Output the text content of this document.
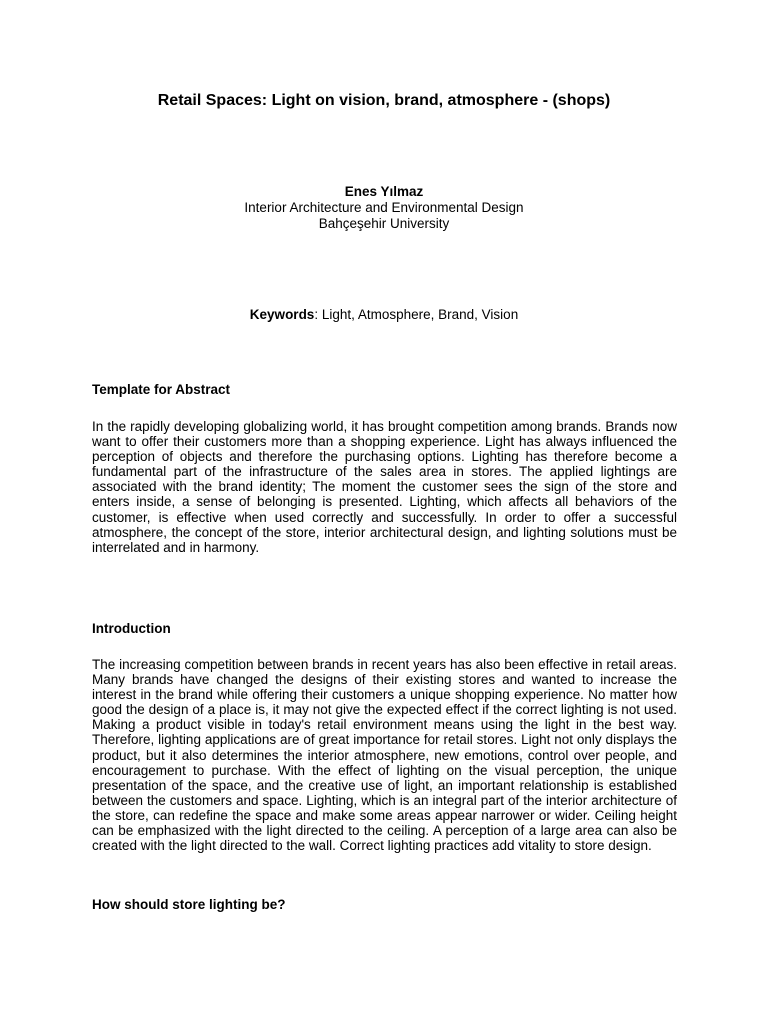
Retail Spaces: Light on vision, brand, atmosphere - (shops)
Enes Yılmaz
Interior Architecture and Environmental Design
Bahçeşehir University
Keywords: Light, Atmosphere, Brand, Vision
Template for Abstract

In the rapidly developing globalizing world, it has brought competition among brands. Brands now want to offer their customers more than a shopping experience. Light has always influenced the perception of objects and therefore the purchasing options. Lighting has therefore become a fundamental part of the infrastructure of the sales area in stores. The applied lightings are associated with the brand identity; The moment the customer sees the sign of the store and enters inside, a sense of belonging is presented. Lighting, which affects all behaviors of the customer, is effective when used correctly and successfully. In order to offer a successful atmosphere, the concept of the store, interior architectural design, and lighting solutions must be interrelated and in harmony.

Introduction

The increasing competition between brands in recent years has also been effective in retail areas. Many brands have changed the designs of their existing stores and wanted to increase the interest in the brand while offering their customers a unique shopping experience. No matter how good the design of a place is, it may not give the expected effect if the correct lighting is not used. Making a product visible in today's retail environment means using the light in the best way. Therefore, lighting applications are of great importance for retail stores. Light not only displays the product, but it also determines the interior atmosphere, new emotions, control over people, and encouragement to purchase. With the effect of lighting on the visual perception, the unique presentation of the space, and the creative use of light, an important relationship is established between the customers and space. Lighting, which is an integral part of the interior architecture of the store, can redefine the space and make some areas appear narrower or wider. Ceiling height can be emphasized with the light directed to the ceiling. A perception of a large area can also be created with the light directed to the wall. Correct lighting practices add vitality to store design.

How should store lighting be?
